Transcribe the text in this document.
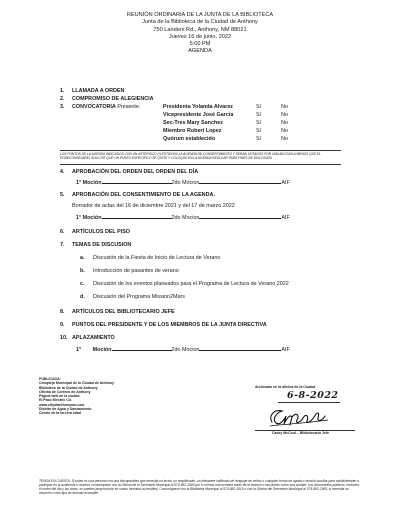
REUNIÓN ORDINARIA DE LA JUNTA DE LA BIBLIOTECA
Junta de la Biblioteca de la Ciudad de Anthony
750 Landers Rd., Anthony, NM 88021
Jueves 16 de junio, 2022
5:00 PM
AGENDA
1. LLAMADA A ORDEN
2. COMPROMISO DE ALEGIENCIA
3. CONVOCATORIA Presente:	Presidenta Yolanda Alvarez	Sí	No
Vicepresidente José García	Sí	No
Sec-Tres Mary Sanchez	Sí	No
Miembro Robert Lopez	Sí	No
Quórum establecido	Sí	No
LOS PUNTOS DE LA AGENDA INDICADOS CON UN ASTERISCO (*) ESTÁN EN LA AGENDA DE CONSENTIMIENTO Y SERÁN VOTADOS POR UNA MOCIÓN A MENOS QUE EL PODECONSEJARIO SOLICITE QUE UN PUNTO ESPECÍFICO SE QUITE Y COLOQUE EN LA AGENDA REGULAR PARA FINES DE DISCUSIÓN.
4. APROBACIÓN DEL ORDEN DEL ORDEN DEL DÍA
1° Moción	2do Mocion	AIF
5. APROBACIÓN DEL CONSENTIMIENTO DE LA AGENDA.
Borrador de actas del 16 de diciembre 2021 y del 17 de marzo 2022
1° Moción	2do Mocion	AIF
6. ARTÍCULOS DEL PISO
7. TEMAS DE DISCUSION
a. Discusión de la Fiesta de Inicio de Lectura de Verano
b. Introducción de pasantes de verano
c. Discusión de los eventos planeados para el Programa de Lectura de Verano 2022
d. Discusión del Programa Mission2Mars
8. ARTÍCULOS DEL BIBLIOTECARIO JEFE
9. PUNTOS DEL PRESIDENTE Y DE LOS MIEMBROS DE LA JUNTA DIRECTIVA
10. APLAZAMIENTO
1° Moción	2do Mocion	AIF
PUBLICADA:
Complejo Municipal de la Ciudad de Anthony
Biblioteca de la Ciudad de Anthony
Oficina de Correos de Anthony
Página web de la ciudad
El Paso Electric Co.
www.cityofanthonynm.com
Distrito de Agua y Saneamiento
Centro de la tercera edad
Archivado en la oficina de la Ciudad
6-8-2022
Casey McCool – Bibliotecario Jefe
TENGA EN CUENTA: Si usted es una persona con una discapacidad que necesita un lector, un amplificador, un intérprete calificado de lenguaje de señas o cualquier forma de ayuda o servicio auxiliar para asistir/atender o participar en la audiencia o reunión, comuníquese con la Oficina de el Secretario Municipal al 575-882-2983 por lo menos una semana antes de la reunión o tan pronto como sea posible. Los documentos públicos, incluidos el orden del día y las actas, se pueden proporcionar en varios formatos accesibles. Comuníquese con la Biblioteca Municipal al 575-882-3019 o con la Oficina del Secretario Municipal al 575-882-2983, si necesita un resumen u otro tipo de formato accesible.
